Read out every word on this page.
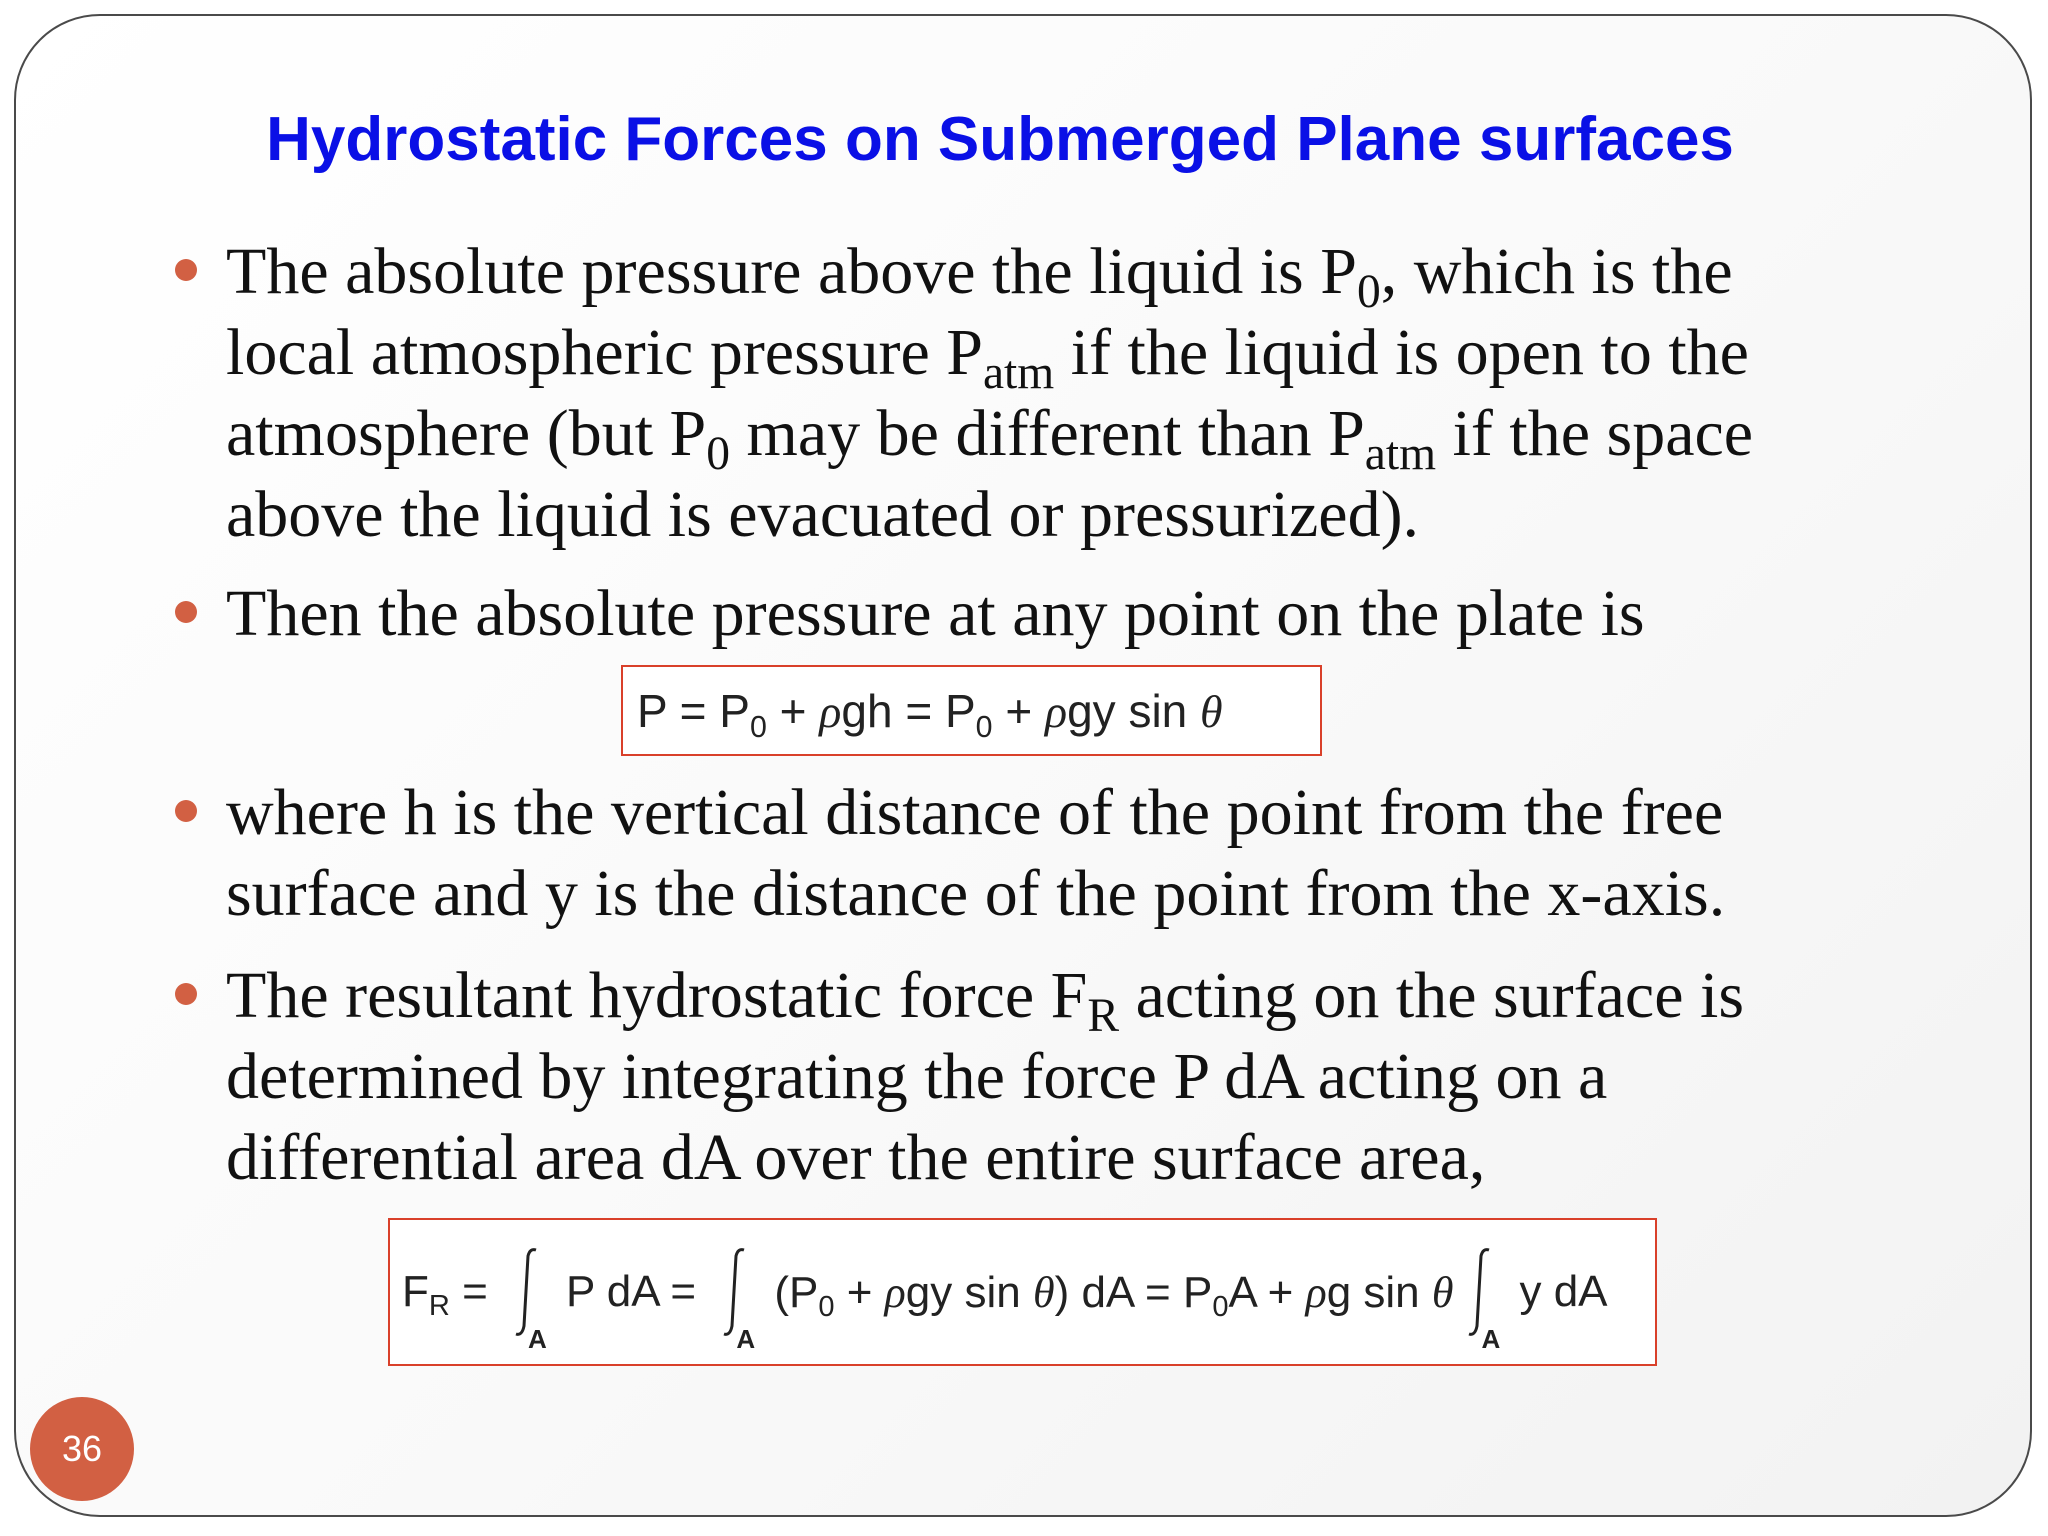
Hydrostatic Forces on Submerged Plane surfaces
The absolute pressure above the liquid is $P_0$, which is the local atmospheric pressure $P_{atm}$ if the liquid is open to the atmosphere (but $P_0$ may be different than $P_{atm}$ if the space above the liquid is evacuated or pressurized).
Then the absolute pressure at any point on the plate is
$P = P_0 + \rho gh = P_0 + \rho gy$ sin θ
where h is the vertical distance of the point from the free surface and y is the distance of the point from the x-axis.
The resultant hydrostatic force $F_R$ acting on the surface is determined by integrating the force P dA acting on a differential area dA over the entire surface area,
$F_R$ =
A
P dA =
A
($P_0 + \rho gy$ sin θ) dA = $P_0A + \rho g$ sin θ
A
y dA
36
